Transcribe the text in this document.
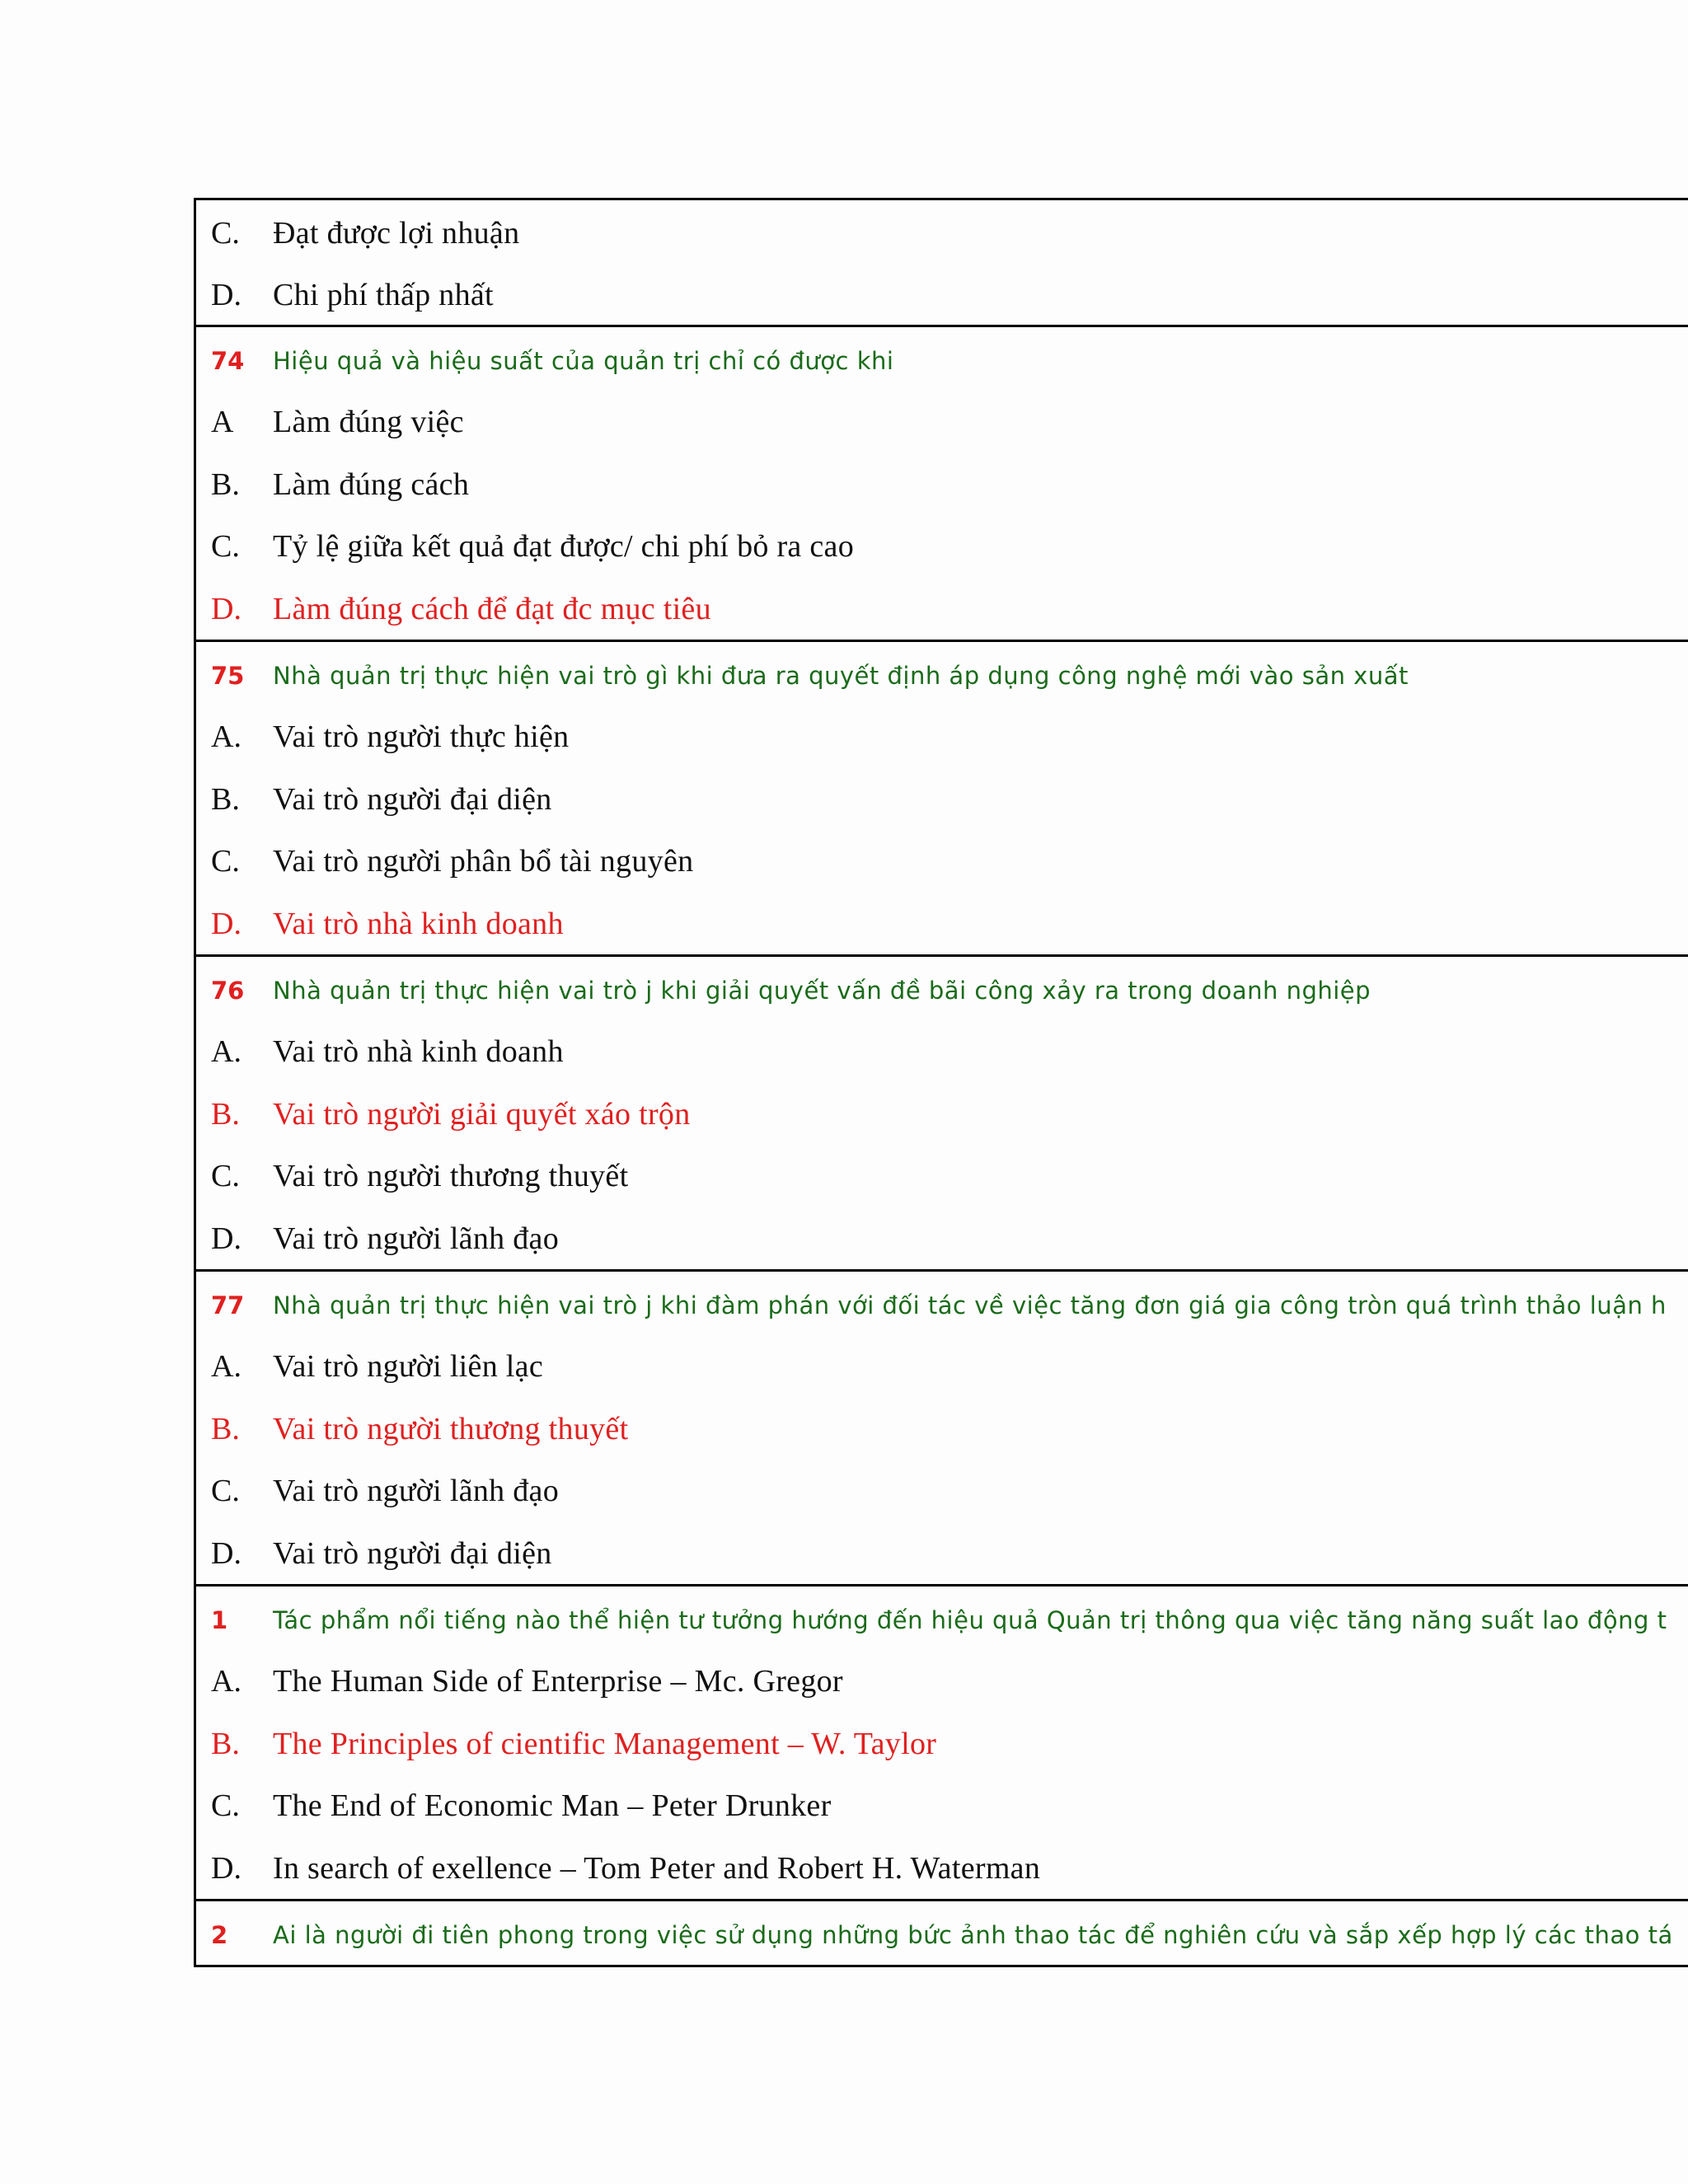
C. Đạt được lợi nhuận
D. Chi phí thấp nhất
74 Hiệu quả và hiệu suất của quản trị chỉ có được khi
A Làm đúng việc
B. Làm đúng cách
C. Tỷ lệ giữa kết quả đạt được/ chi phí bỏ ra cao
D. Làm đúng cách để đạt đc mục tiêu
75 Nhà quản trị thực hiện vai trò gì khi đưa ra quyết định áp dụng công nghệ mới vào sản xuất
A. Vai trò người thực hiện
B. Vai trò người đại diện
C. Vai trò người phân bổ tài nguyên
D. Vai trò nhà kinh doanh
76 Nhà quản trị thực hiện vai trò j khi giải quyết vấn đề bãi công xảy ra trong doanh nghiệp
A. Vai trò nhà kinh doanh
B. Vai trò người giải quyết xáo trộn
C. Vai trò người thương thuyết
D. Vai trò người lãnh đạo
77 Nhà quản trị thực hiện vai trò j khi đàm phán với đối tác về việc tăng đơn giá gia công tròn quá trình thảo luận h
A. Vai trò người liên lạc
B. Vai trò người thương thuyết
C. Vai trò người lãnh đạo
D. Vai trò người đại diện
1 Tác phẩm nổi tiếng nào thể hiện tư tưởng hướng đến hiệu quả Quản trị thông qua việc tăng năng suất lao động t
A. The Human Side of Enterprise – Mc. Gregor
B. The Principles of cientific Management – W. Taylor
C. The End of Economic Man – Peter Drunker
D. In search of exellence – Tom Peter and Robert H. Waterman
2 Ai là người đi tiên phong trong việc sử dụng những bức ảnh thao tác để nghiên cứu và sắp xếp hợp lý các thao tá
